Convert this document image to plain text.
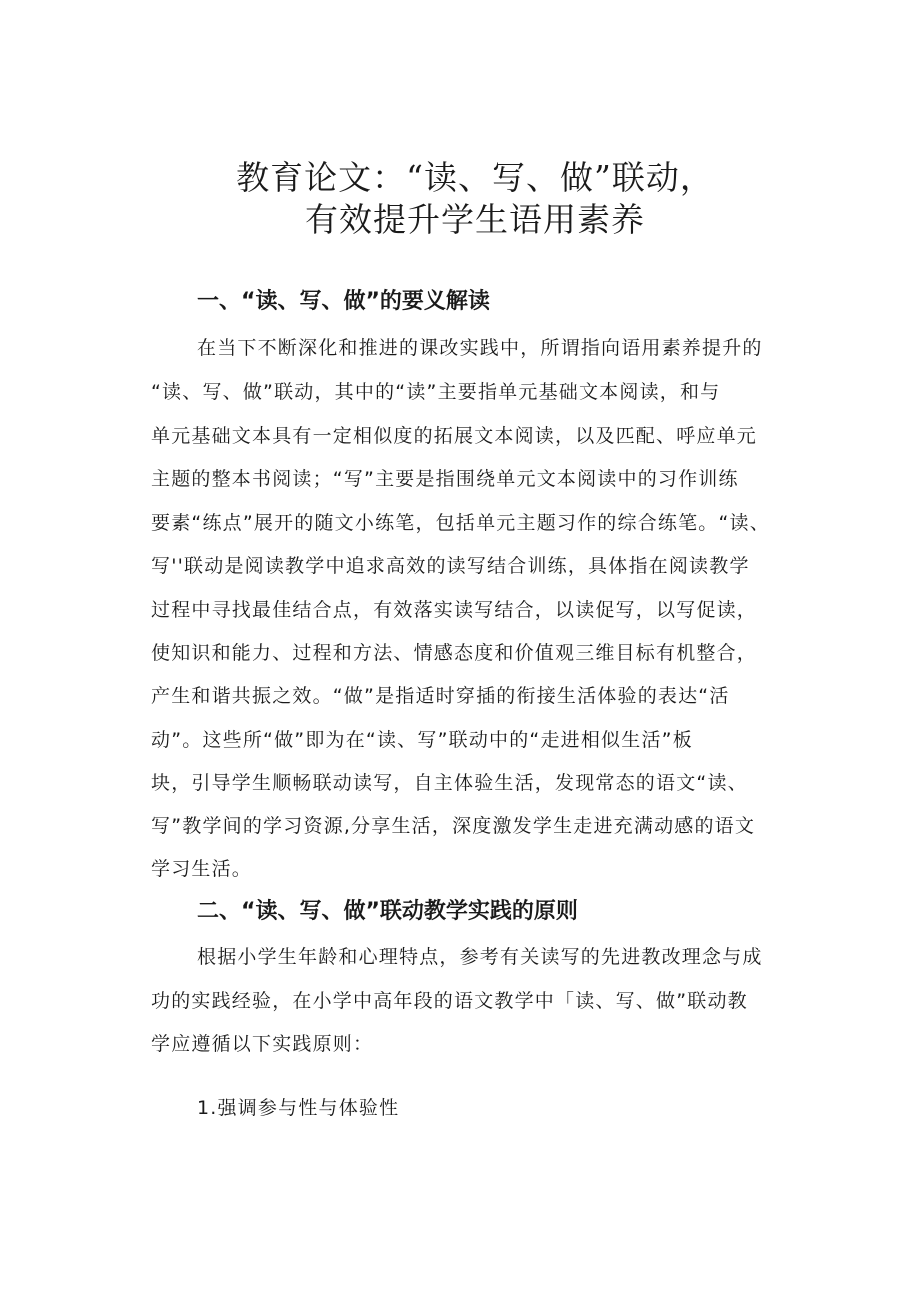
教育论文：“读、写、做”联动，
有效提升学生语用素养
一、“读、写、做”的要义解读

在当下不断深化和推进的课改实践中，所谓指向语用素养提升的

“读、写、做”联动，其中的“读”主要指单元基础文本阅读，和与

单元基础文本具有一定相似度的拓展文本阅读，以及匹配、呼应单元

主题的整本书阅读；“写”主要是指围绕单元文本阅读中的习作训练

要素“练点”展开的随文小练笔，包括单元主题习作的综合练笔。“读、

写''联动是阅读教学中追求高效的读写结合训练，具体指在阅读教学

过程中寻找最佳结合点，有效落实读写结合，以读促写，以写促读，

使知识和能力、过程和方法、情感态度和价值观三维目标有机整合，

产生和谐共振之效。“做”是指适时穿插的衔接生活体验的表达“活

动”。这些所“做”即为在“读、写”联动中的“走进相似生活”板

块，引导学生顺畅联动读写，自主体验生活，发现常态的语文“读、

写”教学间的学习资源,分享生活，深度激发学生走进充满动感的语文

学习生活。

二、“读、写、做”联动教学实践的原则

根据小学生年龄和心理特点，参考有关读写的先进教改理念与成

功的实践经验，在小学中高年段的语文教学中「读、写、做”联动教

学应遵循以下实践原则：

1.强调参与性与体验性
